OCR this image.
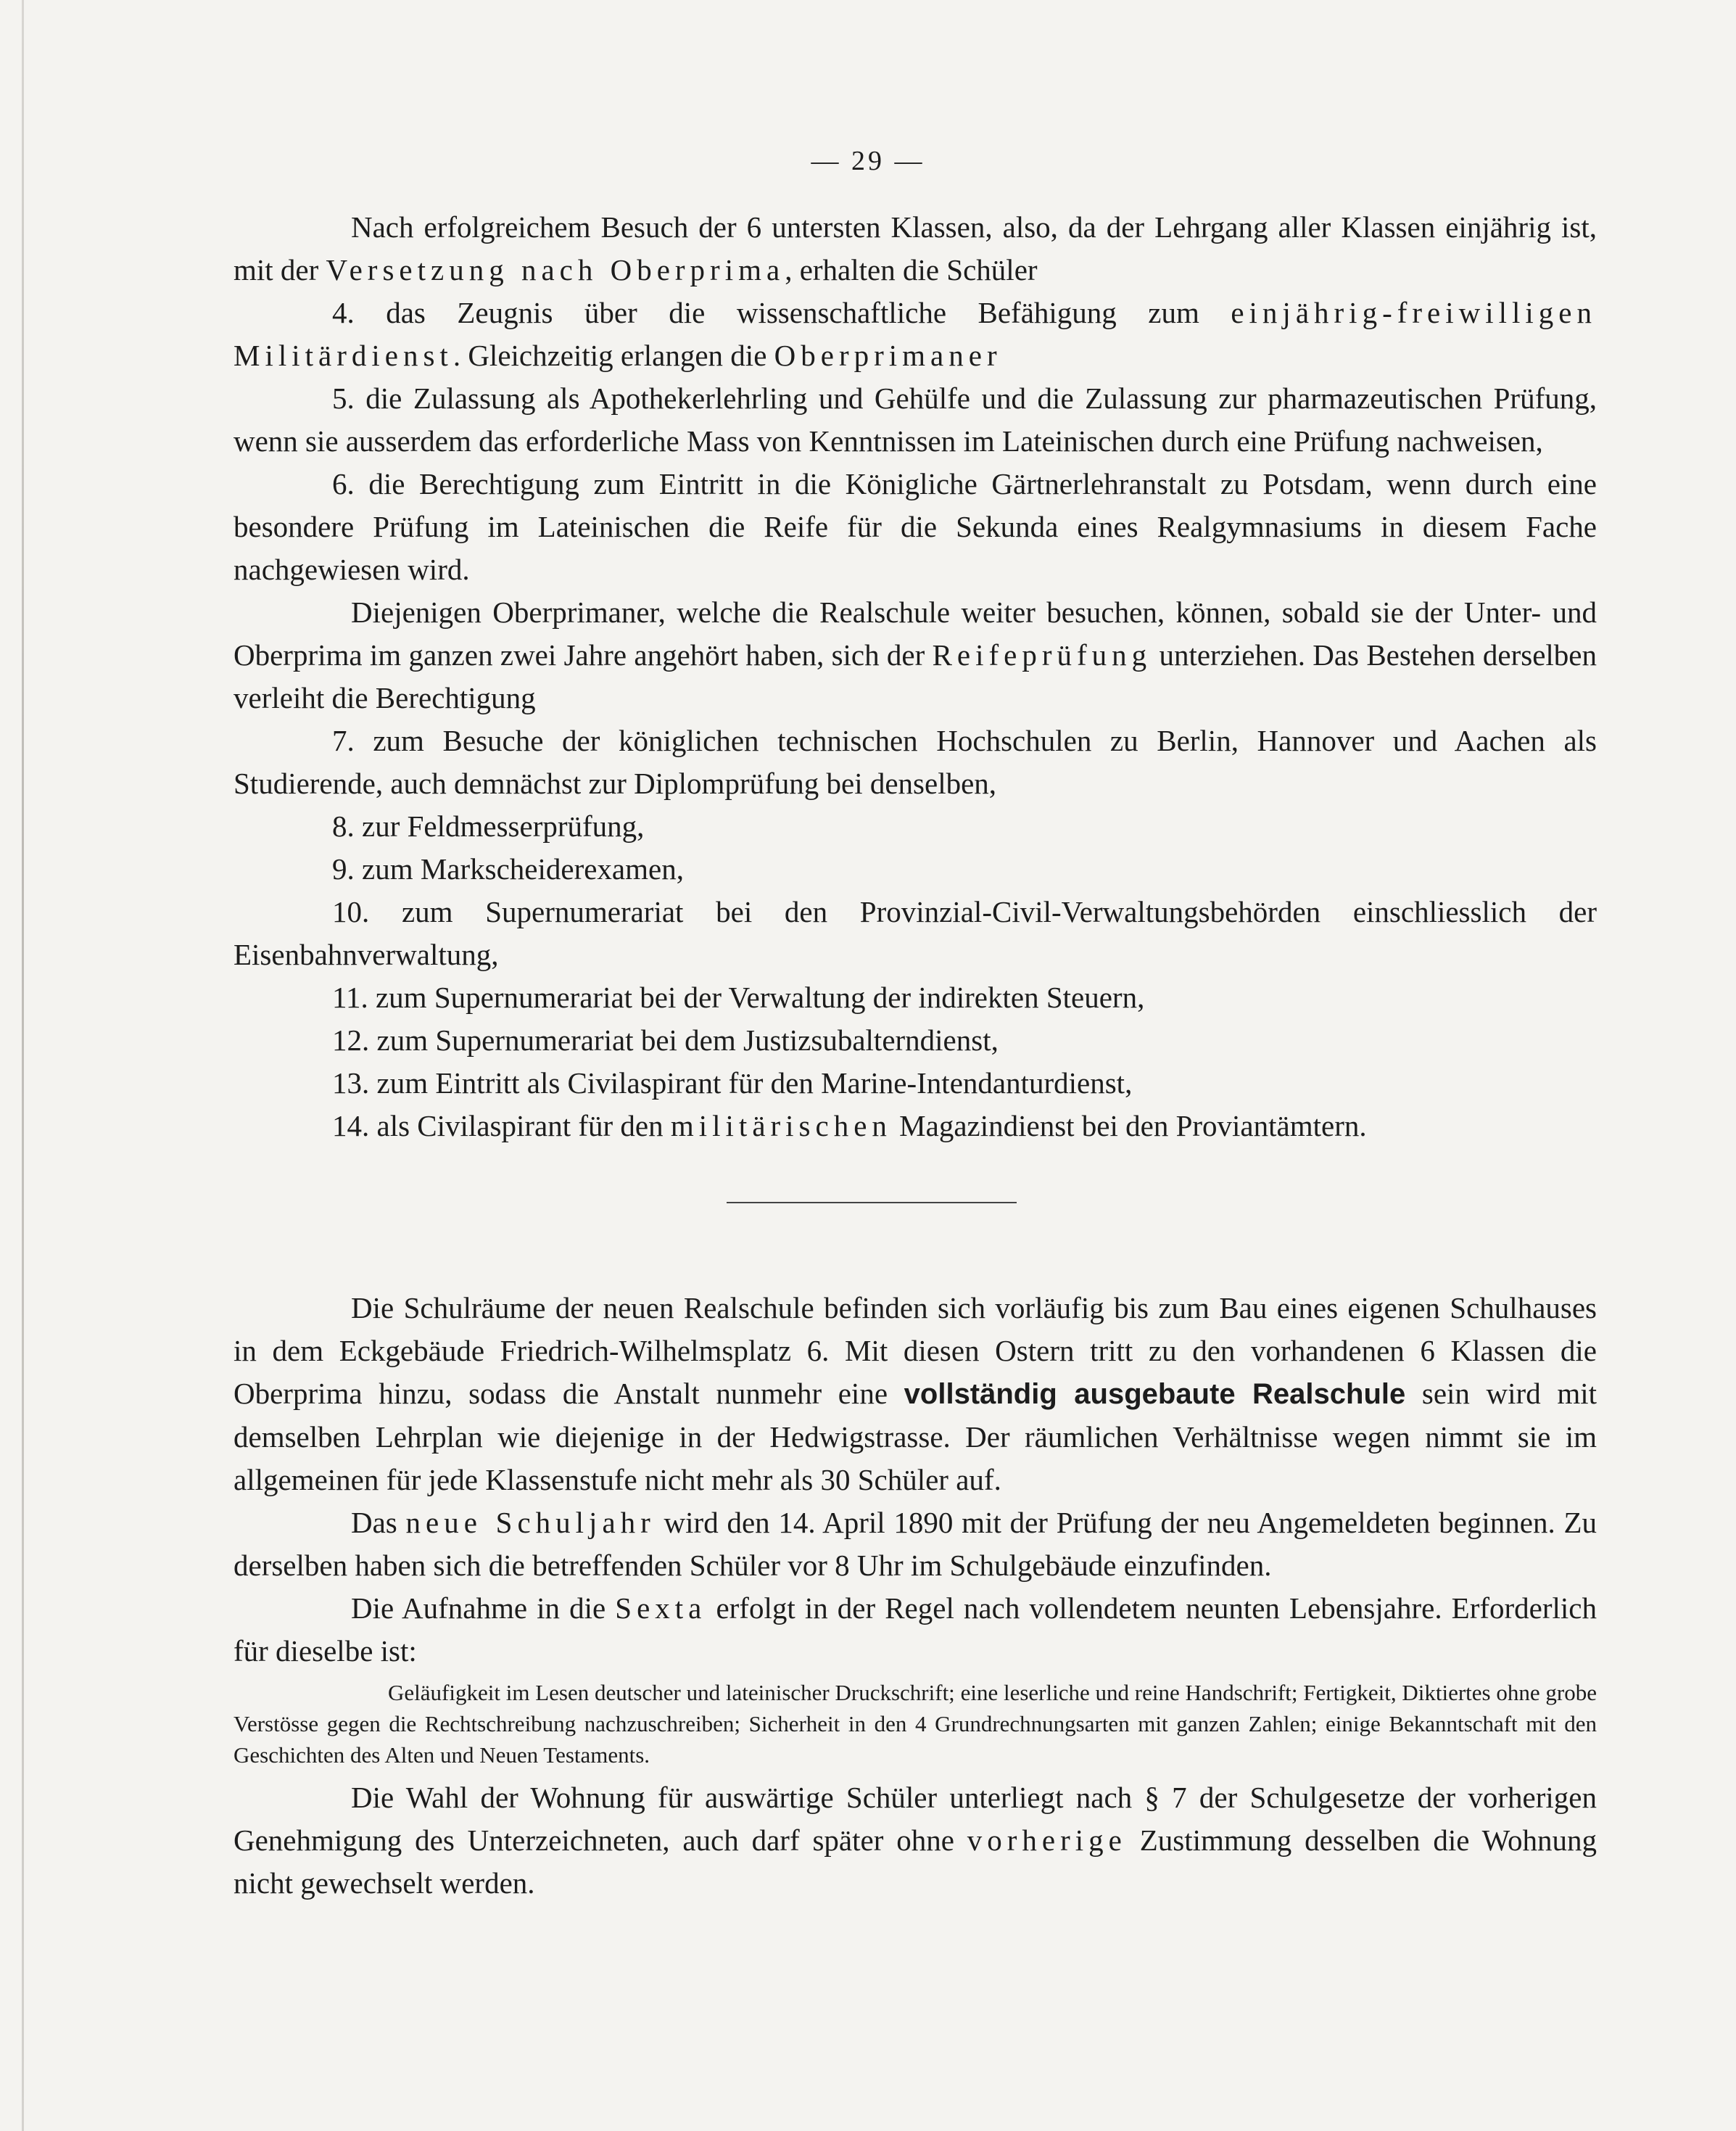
— 29 —

Nach erfolgreichem Besuch der 6 untersten Klassen, also, da der Lehrgang aller Klassen einjährig ist, mit der Versetzung nach Oberprima, erhalten die Schüler

4. das Zeugnis über die wissenschaftliche Befähigung zum einjährig-freiwilligen Militärdienst. Gleichzeitig erlangen die Oberprimaner

5. die Zulassung als Apothekerlehrling und Gehülfe und die Zulassung zur pharmazeutischen Prüfung, wenn sie ausserdem das erforderliche Mass von Kenntnissen im Lateinischen durch eine Prüfung nachweisen,

6. die Berechtigung zum Eintritt in die Königliche Gärtnerlehranstalt zu Potsdam, wenn durch eine besondere Prüfung im Lateinischen die Reife für die Sekunda eines Realgymnasiums in diesem Fache nachgewiesen wird.

Diejenigen Oberprimaner, welche die Realschule weiter besuchen, können, sobald sie der Unter- und Oberprima im ganzen zwei Jahre angehört haben, sich der Reifeprüfung unterziehen. Das Bestehen derselben verleiht die Berechtigung

7. zum Besuche der königlichen technischen Hochschulen zu Berlin, Hannover und Aachen als Studierende, auch demnächst zur Diplomprüfung bei denselben,

8. zur Feldmesserprüfung,

9. zum Markscheiderexamen,

10. zum Supernumerariat bei den Provinzial-Civil-Verwaltungsbehörden einschliesslich der Eisenbahnverwaltung,

11. zum Supernumerariat bei der Verwaltung der indirekten Steuern,

12. zum Supernumerariat bei dem Justizsubalterndienst,

13. zum Eintritt als Civilaspirant für den Marine-Intendanturdienst,

14. als Civilaspirant für den militärischen Magazindienst bei den Proviantämtern.

Die Schulräume der neuen Realschule befinden sich vorläufig bis zum Bau eines eigenen Schulhauses in dem Eckgebäude Friedrich-Wilhelmsplatz 6. Mit diesen Ostern tritt zu den vorhandenen 6 Klassen die Oberprima hinzu, sodass die Anstalt nunmehr eine vollständig ausgebaute Realschule sein wird mit demselben Lehrplan wie diejenige in der Hedwigstrasse. Der räumlichen Verhältnisse wegen nimmt sie im allgemeinen für jede Klassenstufe nicht mehr als 30 Schüler auf.

Das neue Schuljahr wird den 14. April 1890 mit der Prüfung der neu Angemeldeten beginnen. Zu derselben haben sich die betreffenden Schüler vor 8 Uhr im Schulgebäude einzufinden.

Die Aufnahme in die Sexta erfolgt in der Regel nach vollendetem neunten Lebensjahre. Erforderlich für dieselbe ist:

Geläufigkeit im Lesen deutscher und lateinischer Druckschrift; eine leserliche und reine Handschrift; Fertigkeit, Diktiertes ohne grobe Verstösse gegen die Rechtschreibung nachzuschreiben; Sicherheit in den 4 Grundrechnungsarten mit ganzen Zahlen; einige Bekanntschaft mit den Geschichten des Alten und Neuen Testaments.

Die Wahl der Wohnung für auswärtige Schüler unterliegt nach § 7 der Schulgesetze der vorherigen Genehmigung des Unterzeichneten, auch darf später ohne vorherige Zustimmung desselben die Wohnung nicht gewechselt werden.
